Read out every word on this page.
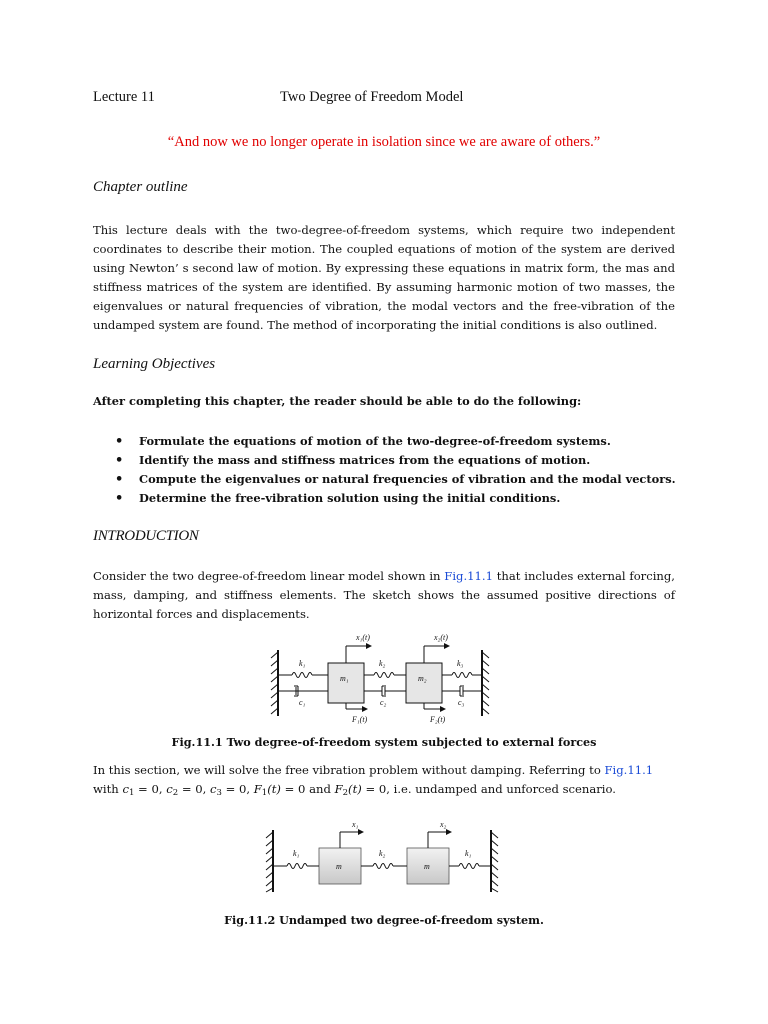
Lecture 11	Two Degree of Freedom Model
“And now we no longer operate in isolation since we are aware of others.”
Chapter outline
This lecture deals with the two-degree-of-freedom systems, which require two independent coordinates to describe their motion. The coupled equations of motion of the system are derived using Newton’ s second law of motion. By expressing these equations in matrix form, the mas and stiffness matrices of the system are identified. By assuming harmonic motion of two masses, the eigenvalues or natural frequencies of vibration, the modal vectors and the free-vibration of the undamped system are found. The method of incorporating the initial conditions is also outlined.
Learning Objectives
After completing this chapter, the reader should be able to do the following:
• Formulate the equations of motion of the two-degree-of-freedom systems.
• Identify the mass and stiffness matrices from the equations of motion.
• Compute the eigenvalues or natural frequencies of vibration and the modal vectors.
• Determine the free-vibration solution using the initial conditions.
INTRODUCTION
Consider the two degree-of-freedom linear model shown in Fig.11.1 that includes external forcing, mass, damping, and stiffness elements. The sketch shows the assumed positive directions of horizontal forces and displacements.
x₁(t)	x₂(t)
k₁	k₂	k₃
m₁	m₂
c₁	c₂	c₃
F₁(t)	F₂(t)
Fig.11.1 Two degree-of-freedom system subjected to external forces
In this section, we will solve the free vibration problem without damping. Referring to Fig.11.1
with $c_1 = 0$, $c_2 = 0$, $c_3 = 0$, $F_1(t) = 0$ and $F_2(t) = 0$, i.e. undamped and unforced scenario.
x₁	x₂
k₁	k₂	k₁
m	m
Fig.11.2 Undamped two degree-of-freedom system.
